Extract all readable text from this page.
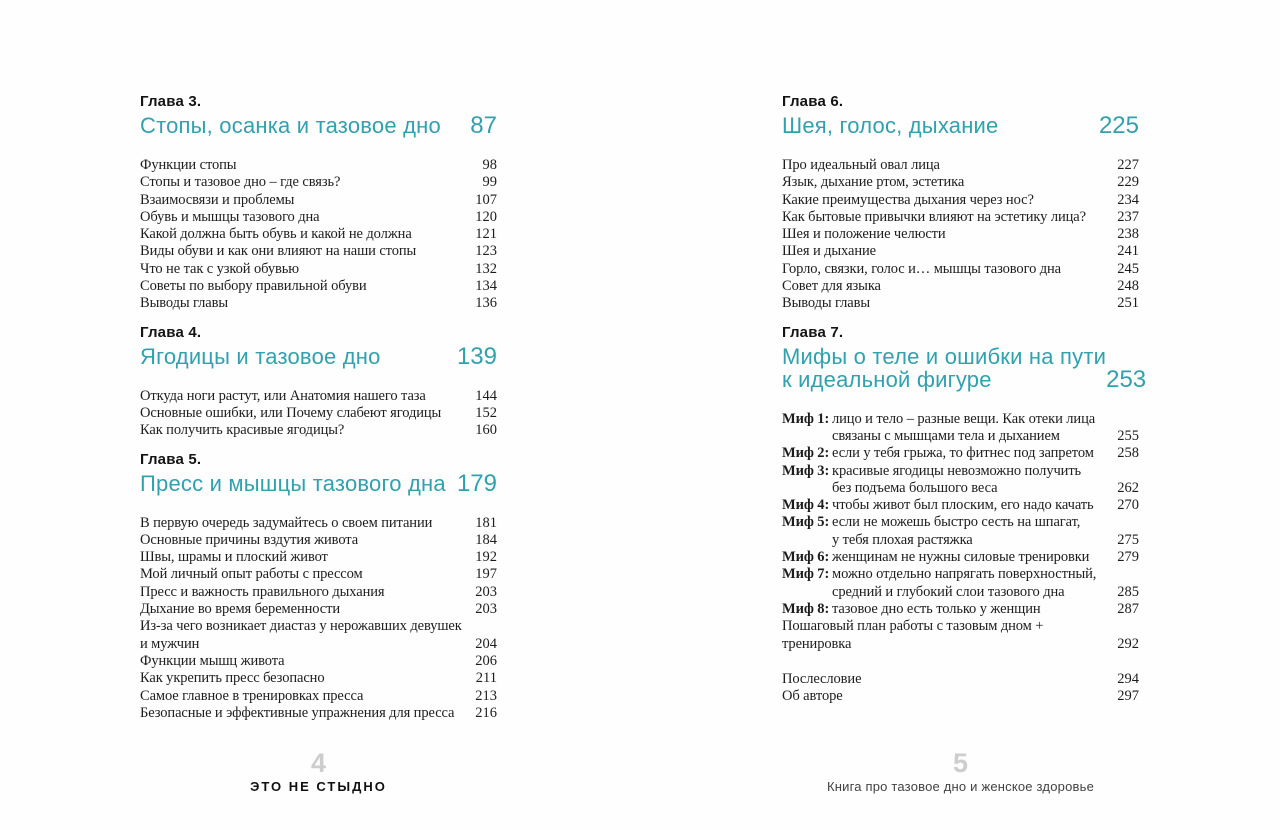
Глава 3.
Стопы, осанка и тазовое дно 87
Функции стопы	98
Стопы и тазовое дно – где связь?	99
Взаимосвязи и проблемы	107
Обувь и мышцы тазового дна	120
Какой должна быть обувь и какой не должна	121
Виды обуви и как они влияют на наши стопы	123
Что не так с узкой обувью	132
Советы по выбору правильной обуви	134
Выводы главы	136
Глава 4.
Ягодицы и тазовое дно	139
Откуда ноги растут, или Анатомия нашего таза	144
Основные ошибки, или Почему слабеют ягодицы	152
Как получить красивые ягодицы?	160
Глава 5.
Пресс и мышцы тазового дна 179
В первую очередь задумайтесь о своем питании	181
Основные причины вздутия живота	184
Швы, шрамы и плоский живот	192
Мой личный опыт работы с прессом	197
Пресс и важность правильного дыхания	203
Дыхание во время беременности	203
Из-за чего возникает диастаз у нерожавших девушек
и мужчин	204
Функции мышц живота	206
Как укрепить пресс безопасно	211
Самое главное в тренировках пресса	213
Безопасные и эффективные упражнения для пресса	216
4
ЭТО НЕ СТЫДНО
Глава 6.
Шея, голос, дыхание	225
Про идеальный овал лица	227
Язык, дыхание ртом, эстетика	229
Какие преимущества дыхания через нос?	234
Как бытовые привычки влияют на эстетику лица?	237
Шея и положение челюсти	238
Шея и дыхание	241
Горло, связки, голос и… мышцы тазового дна	245
Совет для языка	248
Выводы главы	251
Глава 7.
Мифы о теле и ошибки на пути
к идеальной фигуре	253
Миф 1: лицо и тело – разные вещи. Как отеки лица
связаны с мышцами тела и дыханием	255
Миф 2: если у тебя грыжа, то фитнес под запретом	258
Миф 3: красивые ягодицы невозможно получить
без подъема большого веса	262
Миф 4: чтобы живот был плоским, его надо качать	270
Миф 5: если не можешь быстро сесть на шпагат,
у тебя плохая растяжка	275
Миф 6: женщинам не нужны силовые тренировки	279
Миф 7: можно отдельно напрягать поверхностный,
средний и глубокий слои тазового дна	285
Миф 8: тазовое дно есть только у женщин	287
Пошаговый план работы с тазовым дном +
тренировка	292
Послесловие	294
Об авторе	297
5
Книга про тазовое дно и женское здоровье
